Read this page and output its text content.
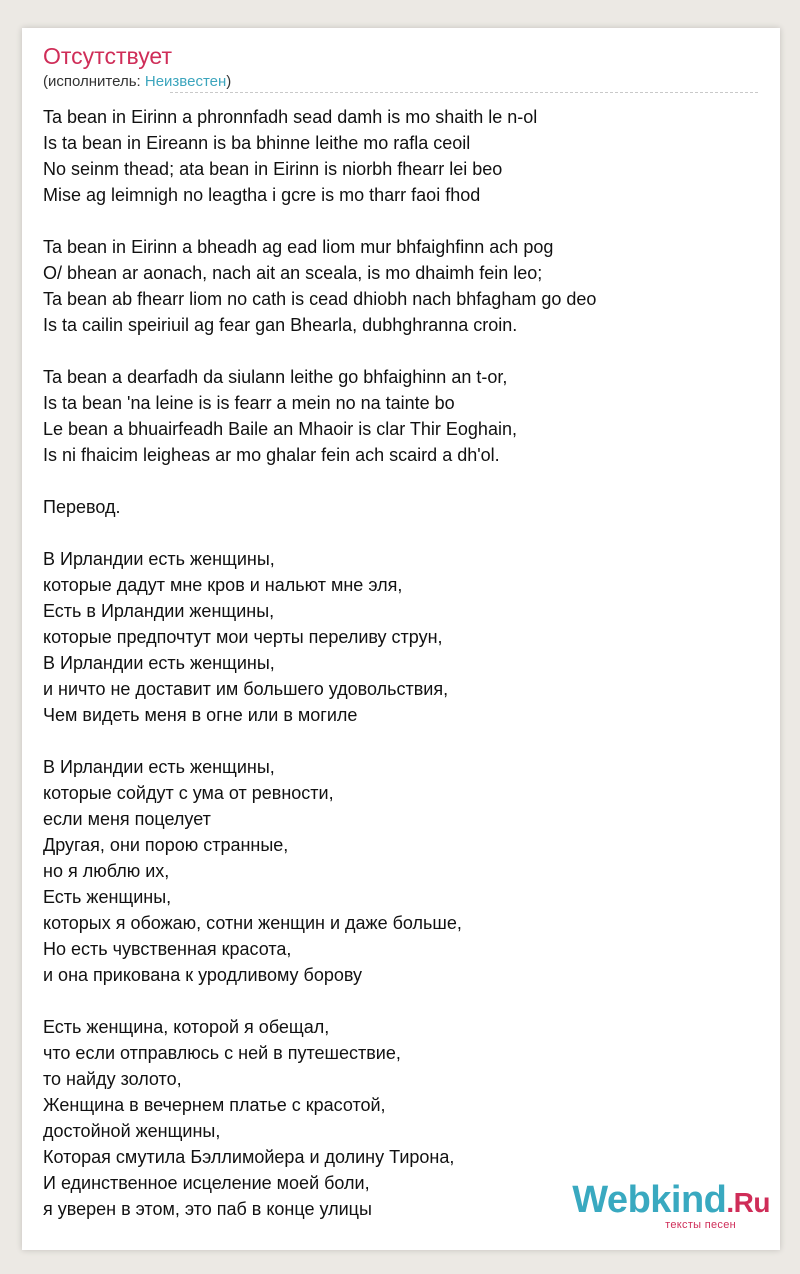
Отсутствует
(исполнитель: Неизвестен)
Ta bean in Eirinn a phronnfadh sead damh is mo shaith le n-ol
Is ta bean in Eireann is ba bhinne leithe mo rafla ceoil
No seinm thead; ata bean in Eirinn is niorbh fhearr lei beo
Mise ag leimnigh no leagtha i gcre is mo tharr faoi fhod
Ta bean in Eirinn a bheadh ag ead liom mur bhfaighfinn ach pog
O/ bhean ar aonach, nach ait an sceala, is mo dhaimh fein leo;
Ta bean ab fhearr liom no cath is cead dhiobh nach bhfagham go deo
Is ta cailin speiriuil ag fear gan Bhearla, dubhghranna croin.
Ta bean a dearfadh da siulann leithe go bhfaighinn an t-or,
Is ta bean 'na leine is is fearr a mein no na tainte bo
Le bean a bhuairfeadh Baile an Mhaoir is clar Thir Eoghain,
Is ni fhaicim leigheas ar mo ghalar fein ach scaird a dh'ol.
Перевод.
В Ирландии есть женщины,
которые дадут мне кров и нальют мне эля,
Есть в Ирландии женщины,
которые предпочтут мои черты переливу струн,
В Ирландии есть женщины,
и ничто не доставит им большего удовольствия,
Чем видеть меня в огне или в могиле
В Ирландии есть женщины,
которые сойдут с ума от ревности,
если меня поцелует
Другая, они порою странные,
но я люблю их,
Есть женщины,
которых я обожаю, сотни женщин и даже больше,
Но есть чувственная красота,
и она прикована к уродливому борову
Есть женщина, которой я обещал,
что если отправлюсь с ней в путешествие,
то найду золото,
Женщина в вечернем платье с красотой,
достойной женщины,
Которая смутила Бэллимойера и долину Тирона,
И единственное исцеление моей боли,
я уверен в этом, это паб в конце улицы	Webkind.Ru
тексты песен
